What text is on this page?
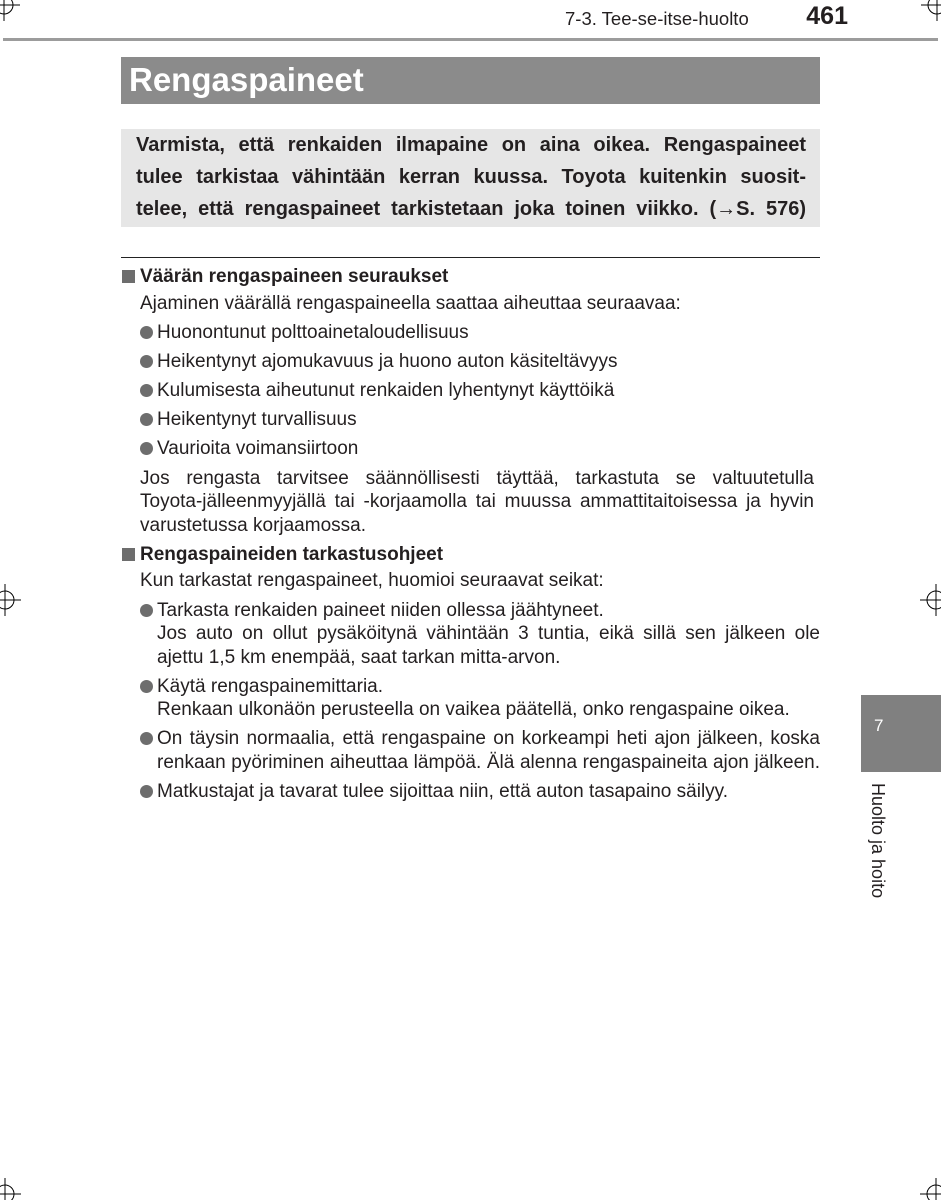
7-3. Tee-se-itse-huolto 461
Rengaspaineet
Varmista, että renkaiden ilmapaine on aina oikea. Rengaspaineet
tulee tarkistaa vähintään kerran kuussa. Toyota kuitenkin suosit-
telee, että rengaspaineet tarkistetaan joka toinen viikko. (→S. 576)
Väärän rengaspaineen seuraukset
Ajaminen väärällä rengaspaineella saattaa aiheuttaa seuraavaa:
Huonontunut polttoainetaloudellisuus
Heikentynyt ajomukavuus ja huono auton käsiteltävyys
Kulumisesta aiheutunut renkaiden lyhentynyt käyttöikä
Heikentynyt turvallisuus
Vaurioita voimansiirtoon
Jos rengasta tarvitsee säännöllisesti täyttää, tarkastuta se valtuutetulla
Toyota-jälleenmyyjällä tai -korjaamolla tai muussa ammattitaitoisessa ja hyvin
varustetussa korjaamossa.
Rengaspaineiden tarkastusohjeet
Kun tarkastat rengaspaineet, huomioi seuraavat seikat:
Tarkasta renkaiden paineet niiden ollessa jäähtyneet.
Jos auto on ollut pysäköitynä vähintään 3 tuntia, eikä sillä sen jälkeen ole
ajettu 1,5 km enempää, saat tarkan mitta-arvon.
Käytä rengaspainemittaria.
Renkaan ulkonäön perusteella on vaikea päätellä, onko rengaspaine oikea.
On täysin normaalia, että rengaspaine on korkeampi heti ajon jälkeen, koska
renkaan pyöriminen aiheuttaa lämpöä. Älä alenna rengaspaineita ajon jälkeen.
Matkustajat ja tavarat tulee sijoittaa niin, että auton tasapaino säilyy.
7
Huolto ja hoito
